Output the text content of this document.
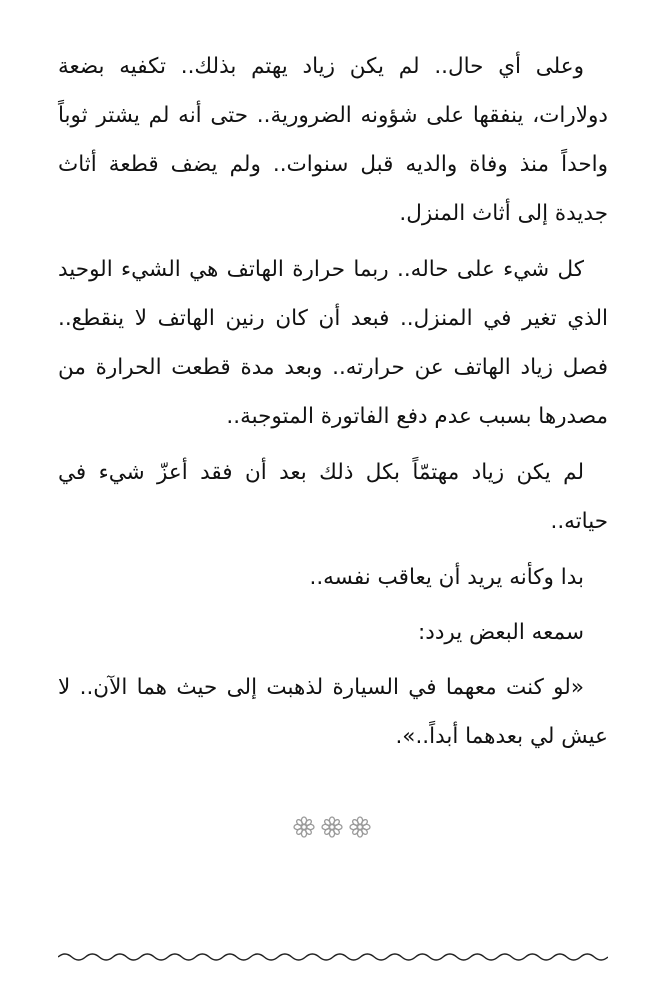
وعلى أي حال.. لم يكن زياد يهتم بذلك.. تكفيه بضعة دولارات، ينفقها على شؤونه الضرورية.. حتى أنه لم يشتر ثوباً واحداً منذ وفاة والديه قبل سنوات.. ولم يضف قطعة أثاث جديدة إلى أثاث المنزل.

كل شيء على حاله.. ربما حرارة الهاتف هي الشيء الوحيد الذي تغير في المنزل.. فبعد أن كان رنين الهاتف لا ينقطع.. فصل زياد الهاتف عن حرارته.. وبعد مدة قطعت الحرارة من مصدرها بسبب عدم دفع الفاتورة المتوجبة..

لم يكن زياد مهتمّاً بكل ذلك بعد أن فقد أعزّ شيء في حياته..

بدا وكأنه يريد أن يعاقب نفسه..

سمعه البعض يردد:

«لو كنت معهما في السيارة لذهبت إلى حيث هما الآن.. لا عيش لي بعدهما أبداً..».
